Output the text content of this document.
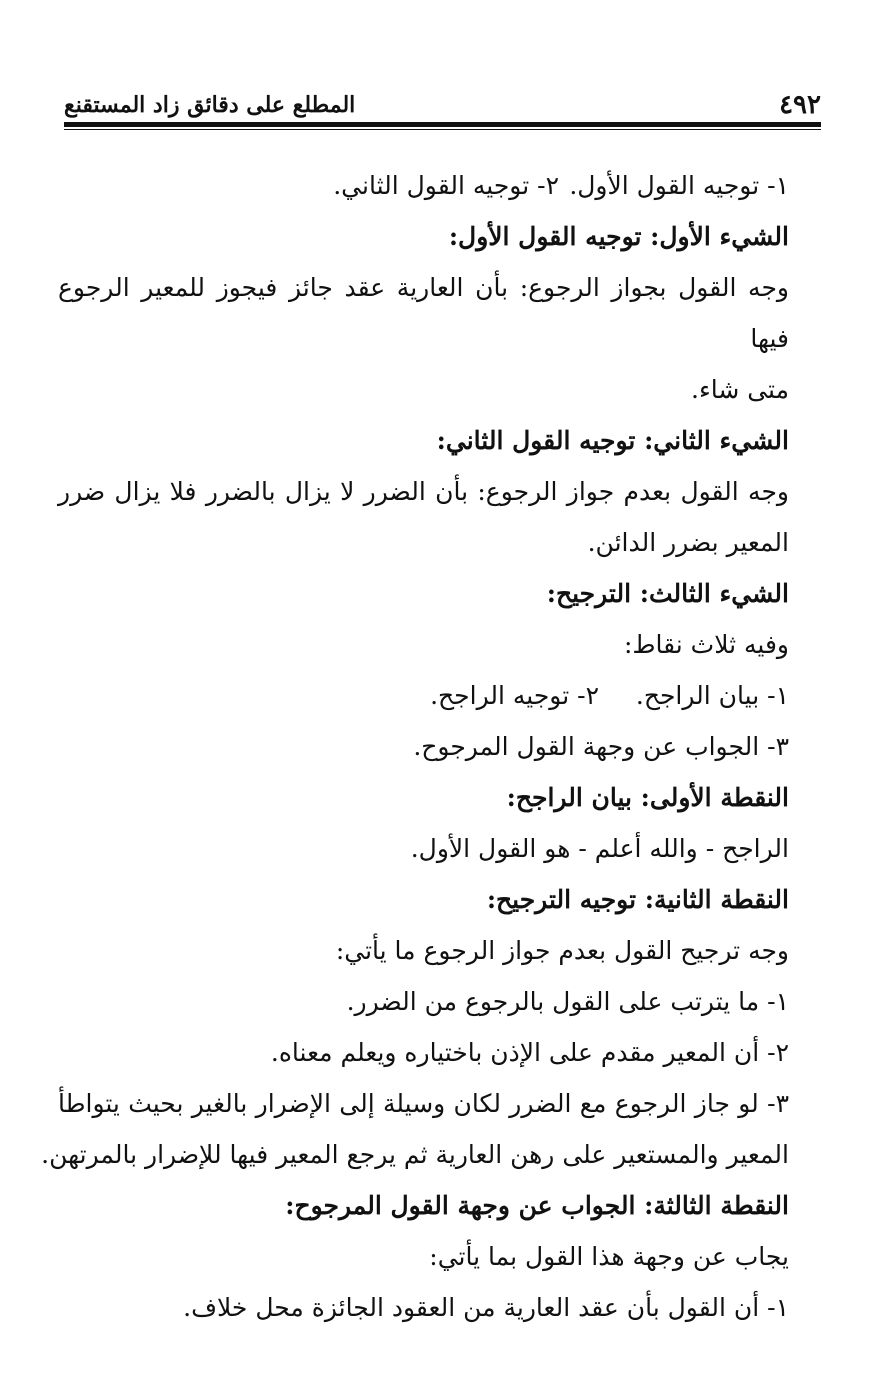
٤٩٢
المطلع على دقائق زاد المستقنع
١- توجيه القول الأول.
٢- توجيه القول الثاني.
الشيء الأول: توجيه القول الأول:
وجه القول بجواز الرجوع: بأن العارية عقد جائز فيجوز للمعير الرجوع فيها
متى شاء.
الشيء الثاني: توجيه القول الثاني:
وجه القول بعدم جواز الرجوع: بأن الضرر لا يزال بالضرر فلا يزال ضرر
المعير بضرر الدائن.
الشيء الثالث: الترجيح:
وفيه ثلاث نقاط:
١- بيان الراجح.
٢- توجيه الراجح.
٣- الجواب عن وجهة القول المرجوح.
النقطة الأولى: بيان الراجح:
الراجح - والله أعلم - هو القول الأول.
النقطة الثانية: توجيه الترجيح:
وجه ترجيح القول بعدم جواز الرجوع ما يأتي:
١- ما يترتب على القول بالرجوع من الضرر.
٢- أن المعير مقدم على الإذن باختياره ويعلم معناه.
٣- لو جاز الرجوع مع الضرر لكان وسيلة إلى الإضرار بالغير بحيث يتواطأ
المعير والمستعير على رهن العارية ثم يرجع المعير فيها للإضرار بالمرتهن.
النقطة الثالثة: الجواب عن وجهة القول المرجوح:
يجاب عن وجهة هذا القول بما يأتي:
١- أن القول بأن عقد العارية من العقود الجائزة محل خلاف.
